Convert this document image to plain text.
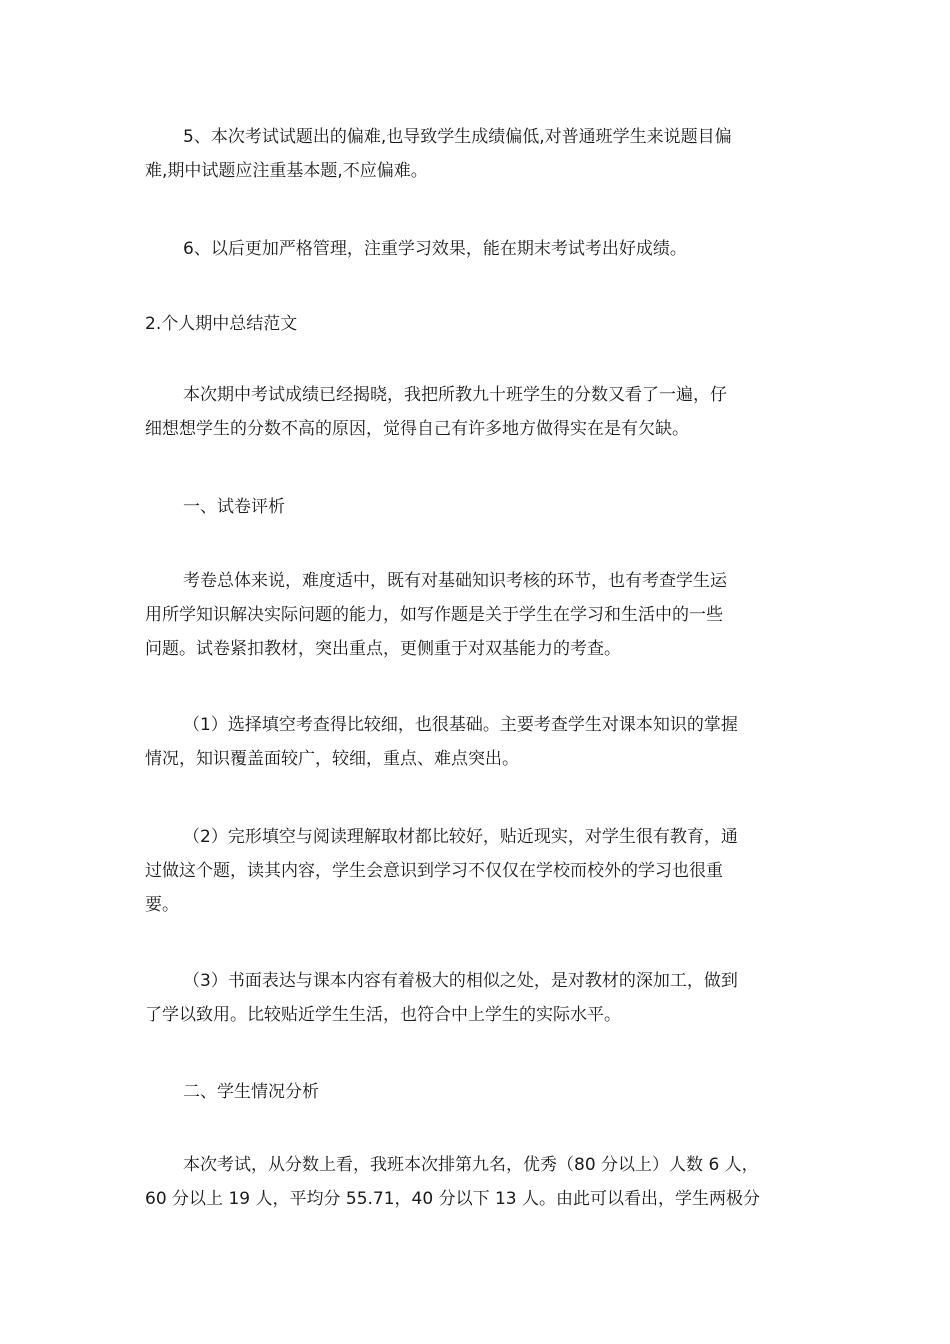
5、本次考试试题出的偏难,也导致学生成绩偏低,对普通班学生来说题目偏
难,期中试题应注重基本题,不应偏难。
6、以后更加严格管理，注重学习效果，能在期末考试考出好成绩。
2.个人期中总结范文
本次期中考试成绩已经揭晓，我把所教九十班学生的分数又看了一遍，仔
细想想学生的分数不高的原因，觉得自己有许多地方做得实在是有欠缺。
一、试卷评析
考卷总体来说，难度适中，既有对基础知识考核的环节，也有考查学生运
用所学知识解决实际问题的能力，如写作题是关于学生在学习和生活中的一些
问题。试卷紧扣教材，突出重点，更侧重于对双基能力的考查。
（1）选择填空考查得比较细，也很基础。主要考查学生对课本知识的掌握
情况，知识覆盖面较广，较细，重点、难点突出。
（2）完形填空与阅读理解取材都比较好，贴近现实，对学生很有教育，通
过做这个题，读其内容，学生会意识到学习不仅仅在学校而校外的学习也很重
要。
（3）书面表达与课本内容有着极大的相似之处，是对教材的深加工，做到
了学以致用。比较贴近学生生活，也符合中上学生的实际水平。
二、学生情况分析
本次考试，从分数上看，我班本次排第九名，优秀（80 分以上）人数 6 人，
60 分以上 19 人，平均分 55.71，40 分以下 13 人。由此可以看出，学生两极分
